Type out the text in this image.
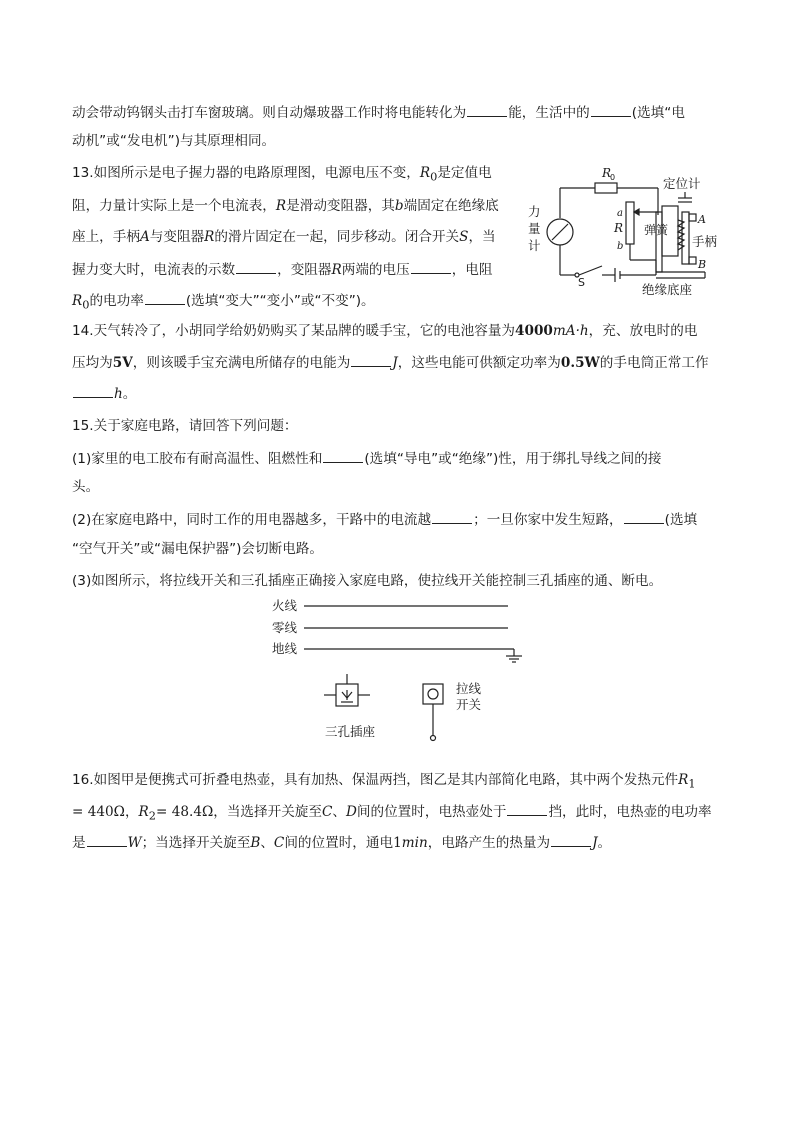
动会带动钨钢头击打车窗玻璃。则自动爆玻器工作时将电能转化为	能，生活中的	(选填“电
动机”或“发电机”)与其原理相同。
13.如图所示是电子握力器的电路原理图，电源电压不变，$R_0$是定值电
阻，力量计实际上是一个电流表，R是滑动变阻器，其b端固定在绝缘底
座上，手柄A与变阻器R的滑片固定在一起，同步移动。闭合开关S，当
握力变大时，电流表的示数	，变阻器R两端的电压	，电阻
$R_0$的电功率	(选填“变大”“变小”或“不变”)。
R
0	定位计
力
量
计
a
R
b
弹簧
A
手柄
B
S	绝缘底座
14.天气转冷了，小胡同学给奶奶购买了某品牌的暖手宝，它的电池容量为4000mA·h，充、放电时的电
压均为5V，则该暖手宝充满电所储存的电能为	J，这些电能可供额定功率为0.5W的手电筒正常工作
h。
15.关于家庭电路，请回答下列问题：
(1)家里的电工胶布有耐高温性、阻燃性和	(选填“导电”或“绝缘”)性，用于绑扎导线之间的接
头。
(2)在家庭电路中，同时工作的用电器越多，干路中的电流越	；一旦你家中发生短路，	(选填
“空气开关”或“漏电保护器”)会切断电路。
(3)如图所示，将拉线开关和三孔插座正确接入家庭电路，使拉线开关能控制三孔插座的通、断电。
火线
零线
地线
三孔插座
拉线
开关
16.如图甲是便携式可折叠电热壶，具有加热、保温两挡，图乙是其内部简化电路，其中两个发热元件$R_1$
= 440Ω，$R_2= 48.4\Omega$，当选择开关旋至C、D间的位置时，电热壶处于	挡，此时，电热壶的电功率
是	W；当选择开关旋至B、C间的位置时，通电1min，电路产生的热量为	J。
